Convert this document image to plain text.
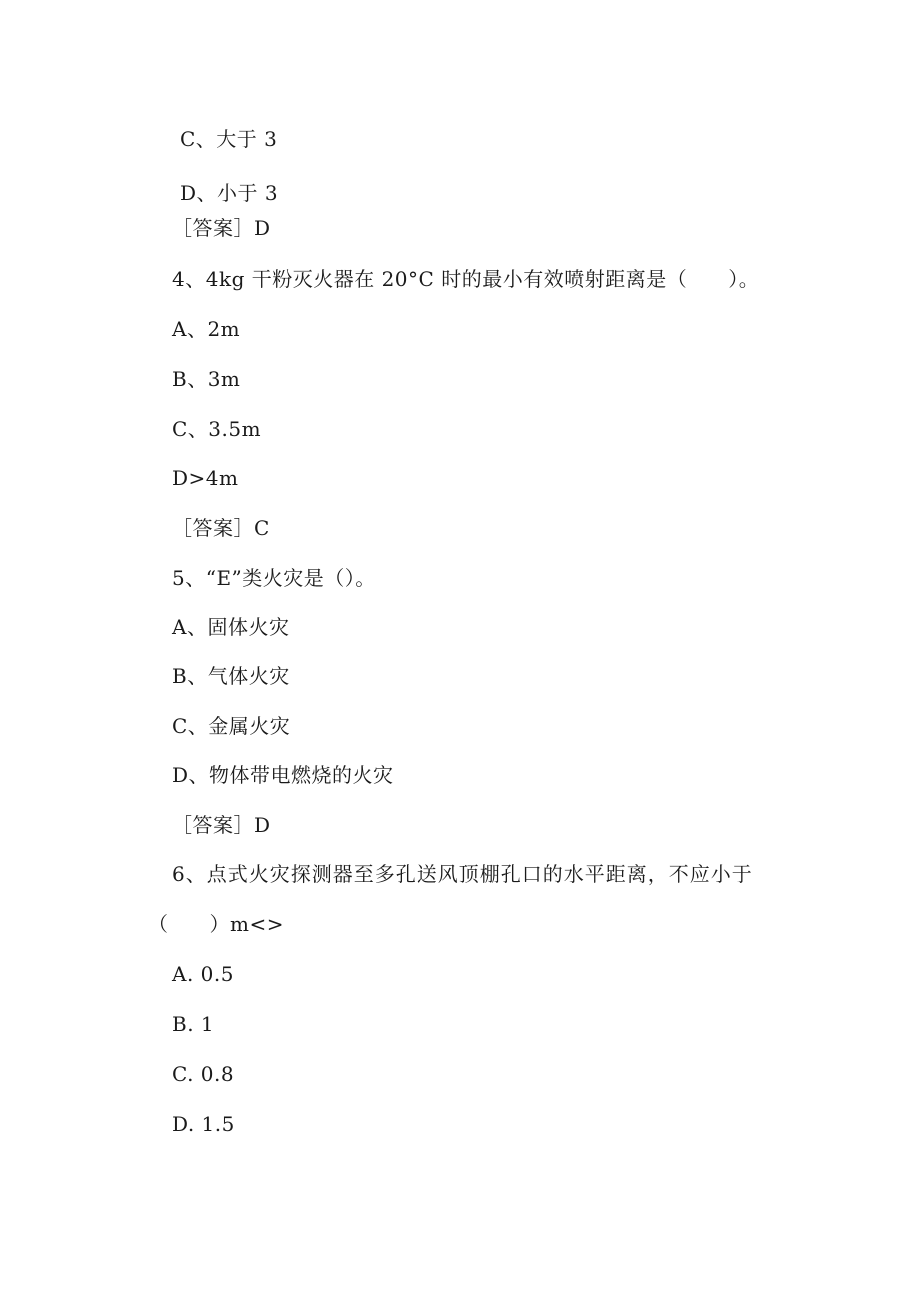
C、大于 3
D、小于 3
［答案］D
4、4kg 干粉灭火器在 20°C 时的最小有效喷射距离是（　　）。
A、2m
B、3m
C、3.5m
D>4m
［答案］C
5、“E”类火灾是（）。
A、固体火灾
B、气体火灾
C、金属火灾
D、物体带电燃烧的火灾
［答案］D
6、点式火灾探测器至多孔送风顶棚孔口的水平距离，不应小于
（　　）m<>
A. 0.5
B. 1
C. 0.8
D. 1.5
